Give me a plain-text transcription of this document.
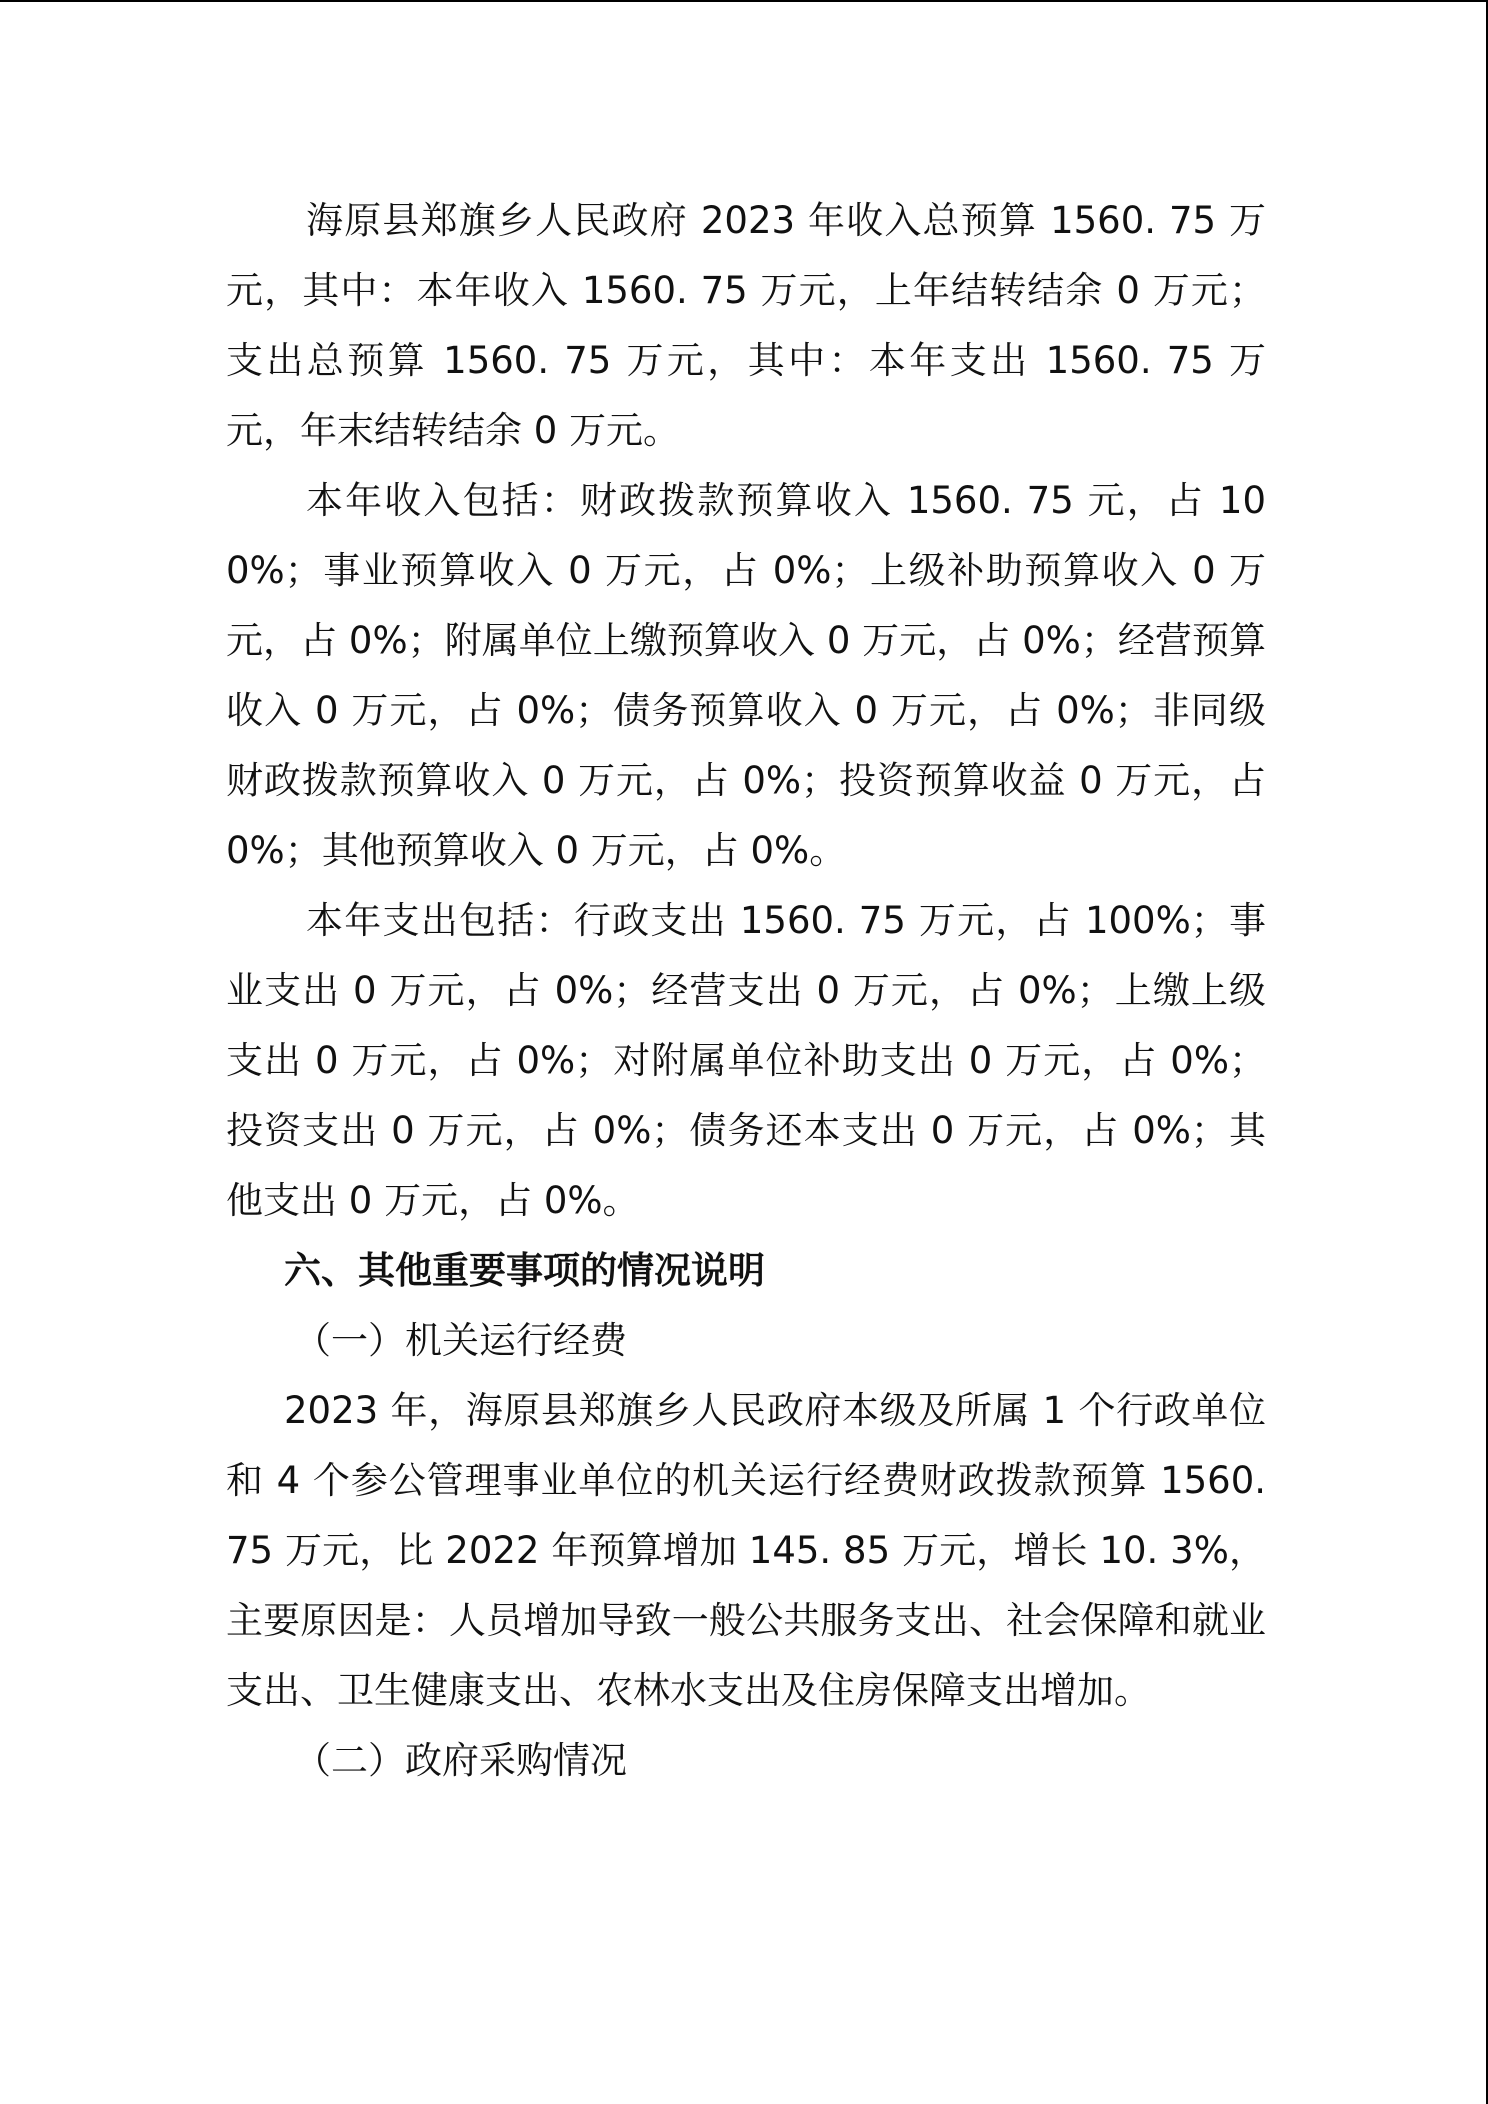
海原县郑旗乡人民政府 2023 年收入总预算 1560. 75 万元，其中：本年收入 1560. 75 万元，上年结转结余 0 万元；支出总预算 1560. 75 万元，其中：本年支出 1560. 75 万元，年末结转结余 0 万元。

本年收入包括：财政拨款预算收入 1560. 75 元，占 100%；事业预算收入 0 万元，占 0%；上级补助预算收入 0 万元，占 0%；附属单位上缴预算收入 0 万元，占 0%；经营预算收入 0 万元，占 0%；债务预算收入 0 万元，占 0%；非同级财政拨款预算收入 0 万元，占 0%；投资预算收益 0 万元，占 0%；其他预算收入 0 万元，占 0%。

本年支出包括：行政支出 1560. 75 万元，占 100%；事业支出 0 万元，占 0%；经营支出 0 万元，占 0%；上缴上级支出 0 万元，占 0%；对附属单位补助支出 0 万元，占 0%；投资支出 0 万元，占 0%；债务还本支出 0 万元，占 0%；其他支出 0 万元，占 0%。

六、其他重要事项的情况说明

（一）机关运行经费

2023 年，海原县郑旗乡人民政府本级及所属 1 个行政单位和 4 个参公管理事业单位的机关运行经费财政拨款预算 1560. 75 万元，比 2022 年预算增加 145. 85 万元，增长 10. 3%，主要原因是：人员增加导致一般公共服务支出、社会保障和就业支出、卫生健康支出、农林水支出及住房保障支出增加。

（二）政府采购情况
